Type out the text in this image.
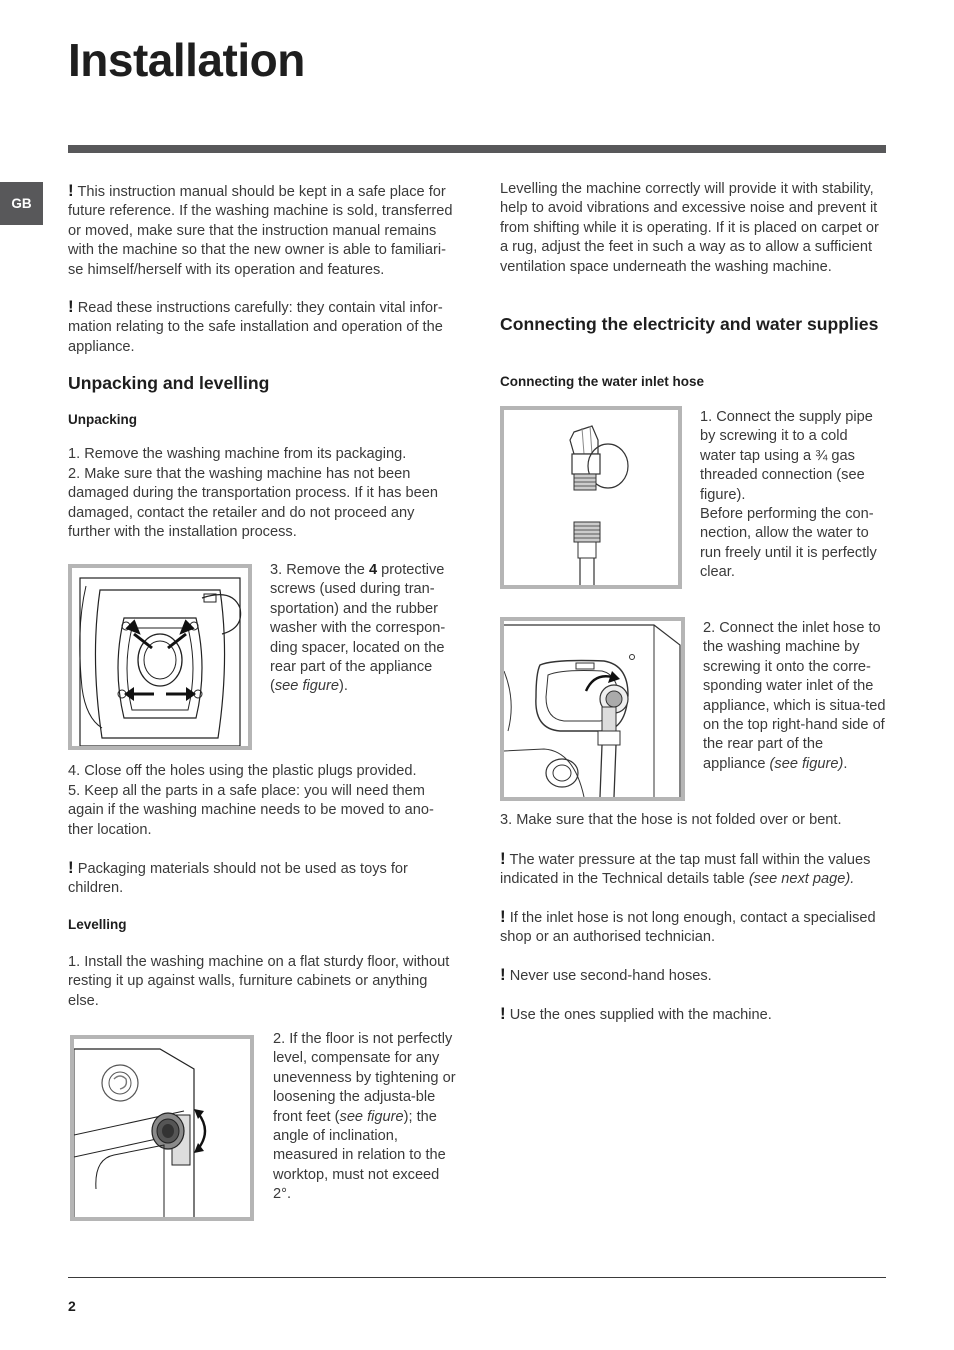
Installation
GB

! This instruction manual should be kept in a safe place for future reference. If the washing machine is sold, transferred or moved, make sure that the instruction manual remains with the machine so that the new owner is able to familiari-se himself/herself with its operation and features.

! Read these instructions carefully: they contain vital infor-mation relating to the safe installation and operation of the appliance.

Unpacking and levelling
Unpacking

1. Remove the washing machine from its packaging.

2. Make sure that the washing machine has not been damaged during the transportation process. If it has been damaged, contact the retailer and do not proceed any further with the installation process.

3. Remove the 4 protective screws (used during tran-sportation) and the rubber washer with the correspon-ding spacer, located on the rear part of the appliance (see figure).

4. Close off the holes using the plastic plugs provided.

5. Keep all the parts in a safe place: you will need them again if the washing machine needs to be moved to ano-ther location.

! Packaging materials should not be used as toys for children.

Levelling

1. Install the washing machine on a flat sturdy floor, without resting it up against walls, furniture cabinets or anything else.

2. If the floor is not perfectly level, compensate for any unevenness by tightening or loosening the adjusta-ble front feet (see figure); the angle of inclination, measured in relation to the worktop, must not exceed 2°.

Levelling the machine correctly will provide it with stability, help to avoid vibrations and excessive noise and prevent it from shifting while it is operating. If it is placed on carpet or a rug, adjust the feet in such a way as to allow a sufficient ventilation space underneath the washing machine.

Connecting the electricity and water supplies
Connecting the water inlet hose

1. Connect the supply pipe by screwing it to a cold water tap using a ¾ gas threaded connection (see figure).
Before performing the con-nection, allow the water to run freely until it is perfectly clear.

2. Connect the inlet hose to the washing machine by screwing it onto the corre-sponding water inlet of the appliance, which is situa-ted on the top right-hand side of the rear part of the appliance (see figure).

3. Make sure that the hose is not folded over or bent.

! The water pressure at the tap must fall within the values indicated in the Technical details table (see next page).

! If the inlet hose is not long enough, contact a specialised shop or an authorised technician.

! Never use second-hand hoses.

! Use the ones supplied with the machine.

2
